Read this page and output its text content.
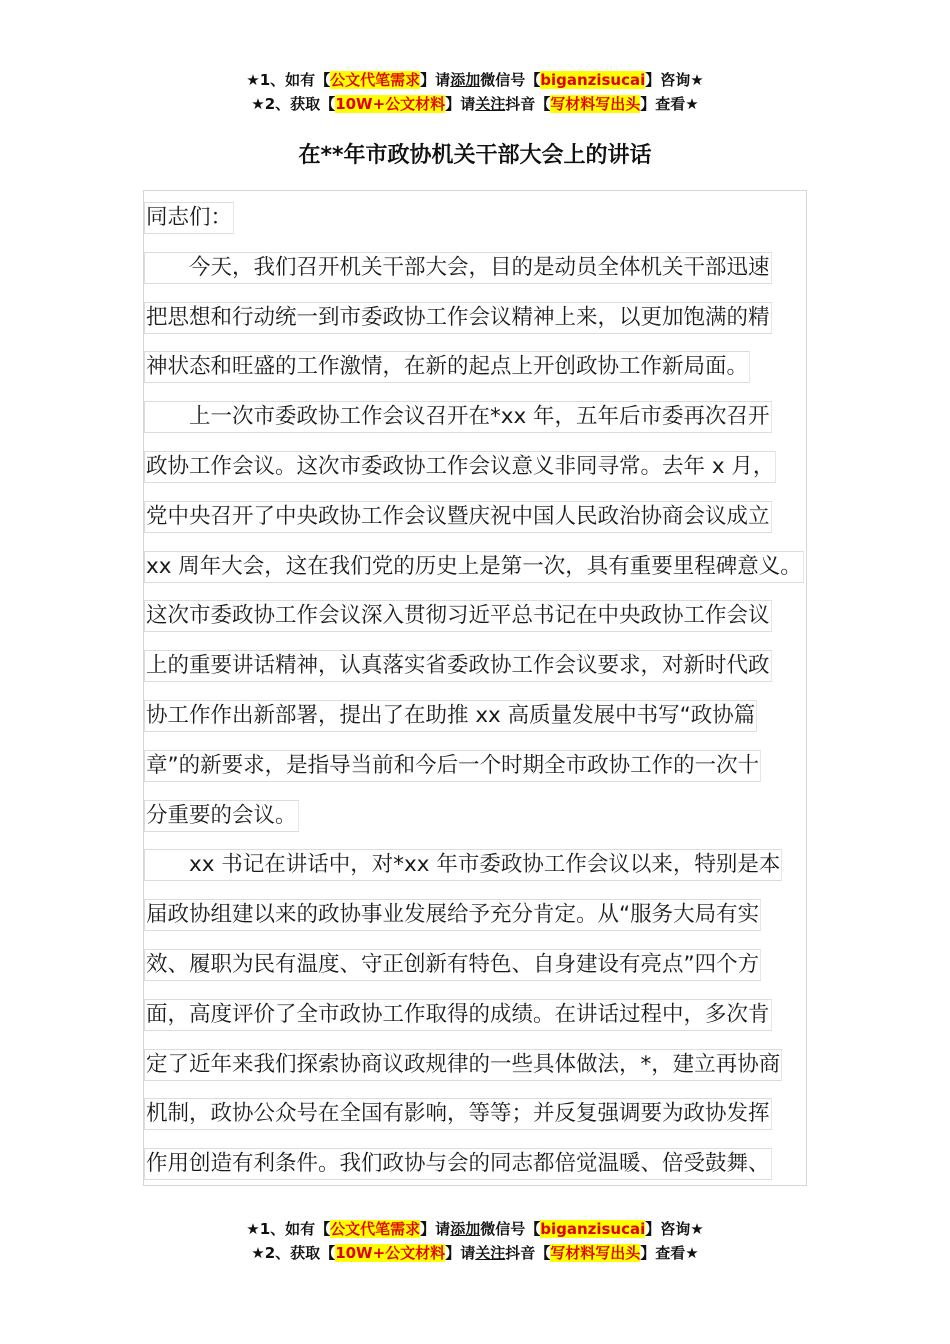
★1、如有【公文代笔需求】请添加微信号【biganzisucai】咨询★
★2、获取【10W+公文材料】请关注抖音【写材料写出头】查看★
在**年市政协机关干部大会上的讲话
同志们：
　　今天，我们召开机关干部大会，目的是动员全体机关干部迅速
把思想和行动统一到市委政协工作会议精神上来，以更加饱满的精
神状态和旺盛的工作激情，在新的起点上开创政协工作新局面。
　　上一次市委政协工作会议召开在*xx 年，五年后市委再次召开
政协工作会议。这次市委政协工作会议意义非同寻常。去年 x 月，
党中央召开了中央政协工作会议暨庆祝中国人民政治协商会议成立
xx 周年大会，这在我们党的历史上是第一次，具有重要里程碑意义。
这次市委政协工作会议深入贯彻习近平总书记在中央政协工作会议
上的重要讲话精神，认真落实省委政协工作会议要求，对新时代政
协工作作出新部署，提出了在助推 xx 高质量发展中书写“政协篇
章”的新要求，是指导当前和今后一个时期全市政协工作的一次十
分重要的会议。
　　xx 书记在讲话中，对*xx 年市委政协工作会议以来，特别是本
届政协组建以来的政协事业发展给予充分肯定。从“服务大局有实
效、履职为民有温度、守正创新有特色、自身建设有亮点”四个方
面，高度评价了全市政协工作取得的成绩。在讲话过程中，多次肯
定了近年来我们探索协商议政规律的一些具体做法，*，建立再协商
机制，政协公众号在全国有影响，等等；并反复强调要为政协发挥
作用创造有利条件。我们政协与会的同志都倍觉温暖、倍受鼓舞、
★1、如有【公文代笔需求】请添加微信号【biganzisucai】咨询★
★2、获取【10W+公文材料】请关注抖音【写材料写出头】查看★
